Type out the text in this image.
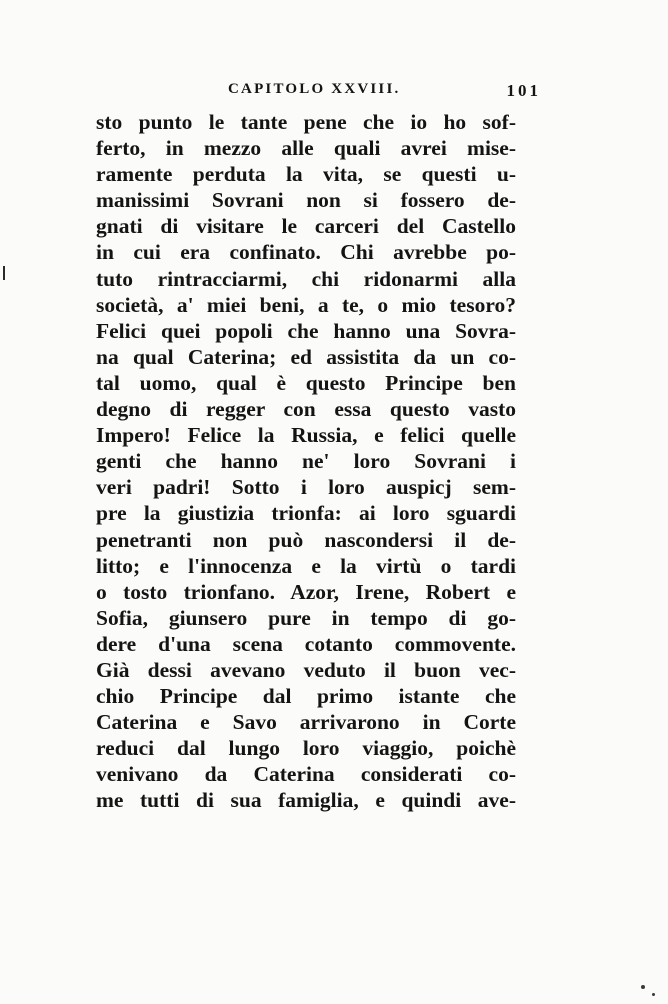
CAPITOLO XXVIII.	101
sto punto le tante pene che io ho sof-
ferto, in mezzo alle quali avrei mise-
ramente perduta la vita, se questi u-
manissimi Sovrani non si fossero de-
gnati di visitare le carceri del Castello
in cui era confinato. Chi avrebbe po-
tuto rintracciarmi, chi ridonarmi alla
società, a' miei beni, a te, o mio tesoro?
Felici quei popoli che hanno una Sovra-
na qual Caterina; ed assistita da un co-
tal uomo, qual è questo Principe ben
degno di regger con essa questo vasto
Impero! Felice la Russia, e felici quelle
genti che hanno ne' loro Sovrani i
veri padri! Sotto i loro auspicj sem-
pre la giustizia trionfa: ai loro sguardi
penetranti non può nascondersi il de-
litto; e l'innocenza e la virtù o tardi
o tosto trionfano. Azor, Irene, Robert e
Sofia, giunsero pure in tempo di go-
dere d'una scena cotanto commovente.
Già dessi avevano veduto il buon vec-
chio Principe dal primo istante che
Caterina e Savo arrivarono in Corte
reduci dal lungo loro viaggio, poichè
venivano da Caterina considerati co-
me tutti di sua famiglia, e quindi ave-
